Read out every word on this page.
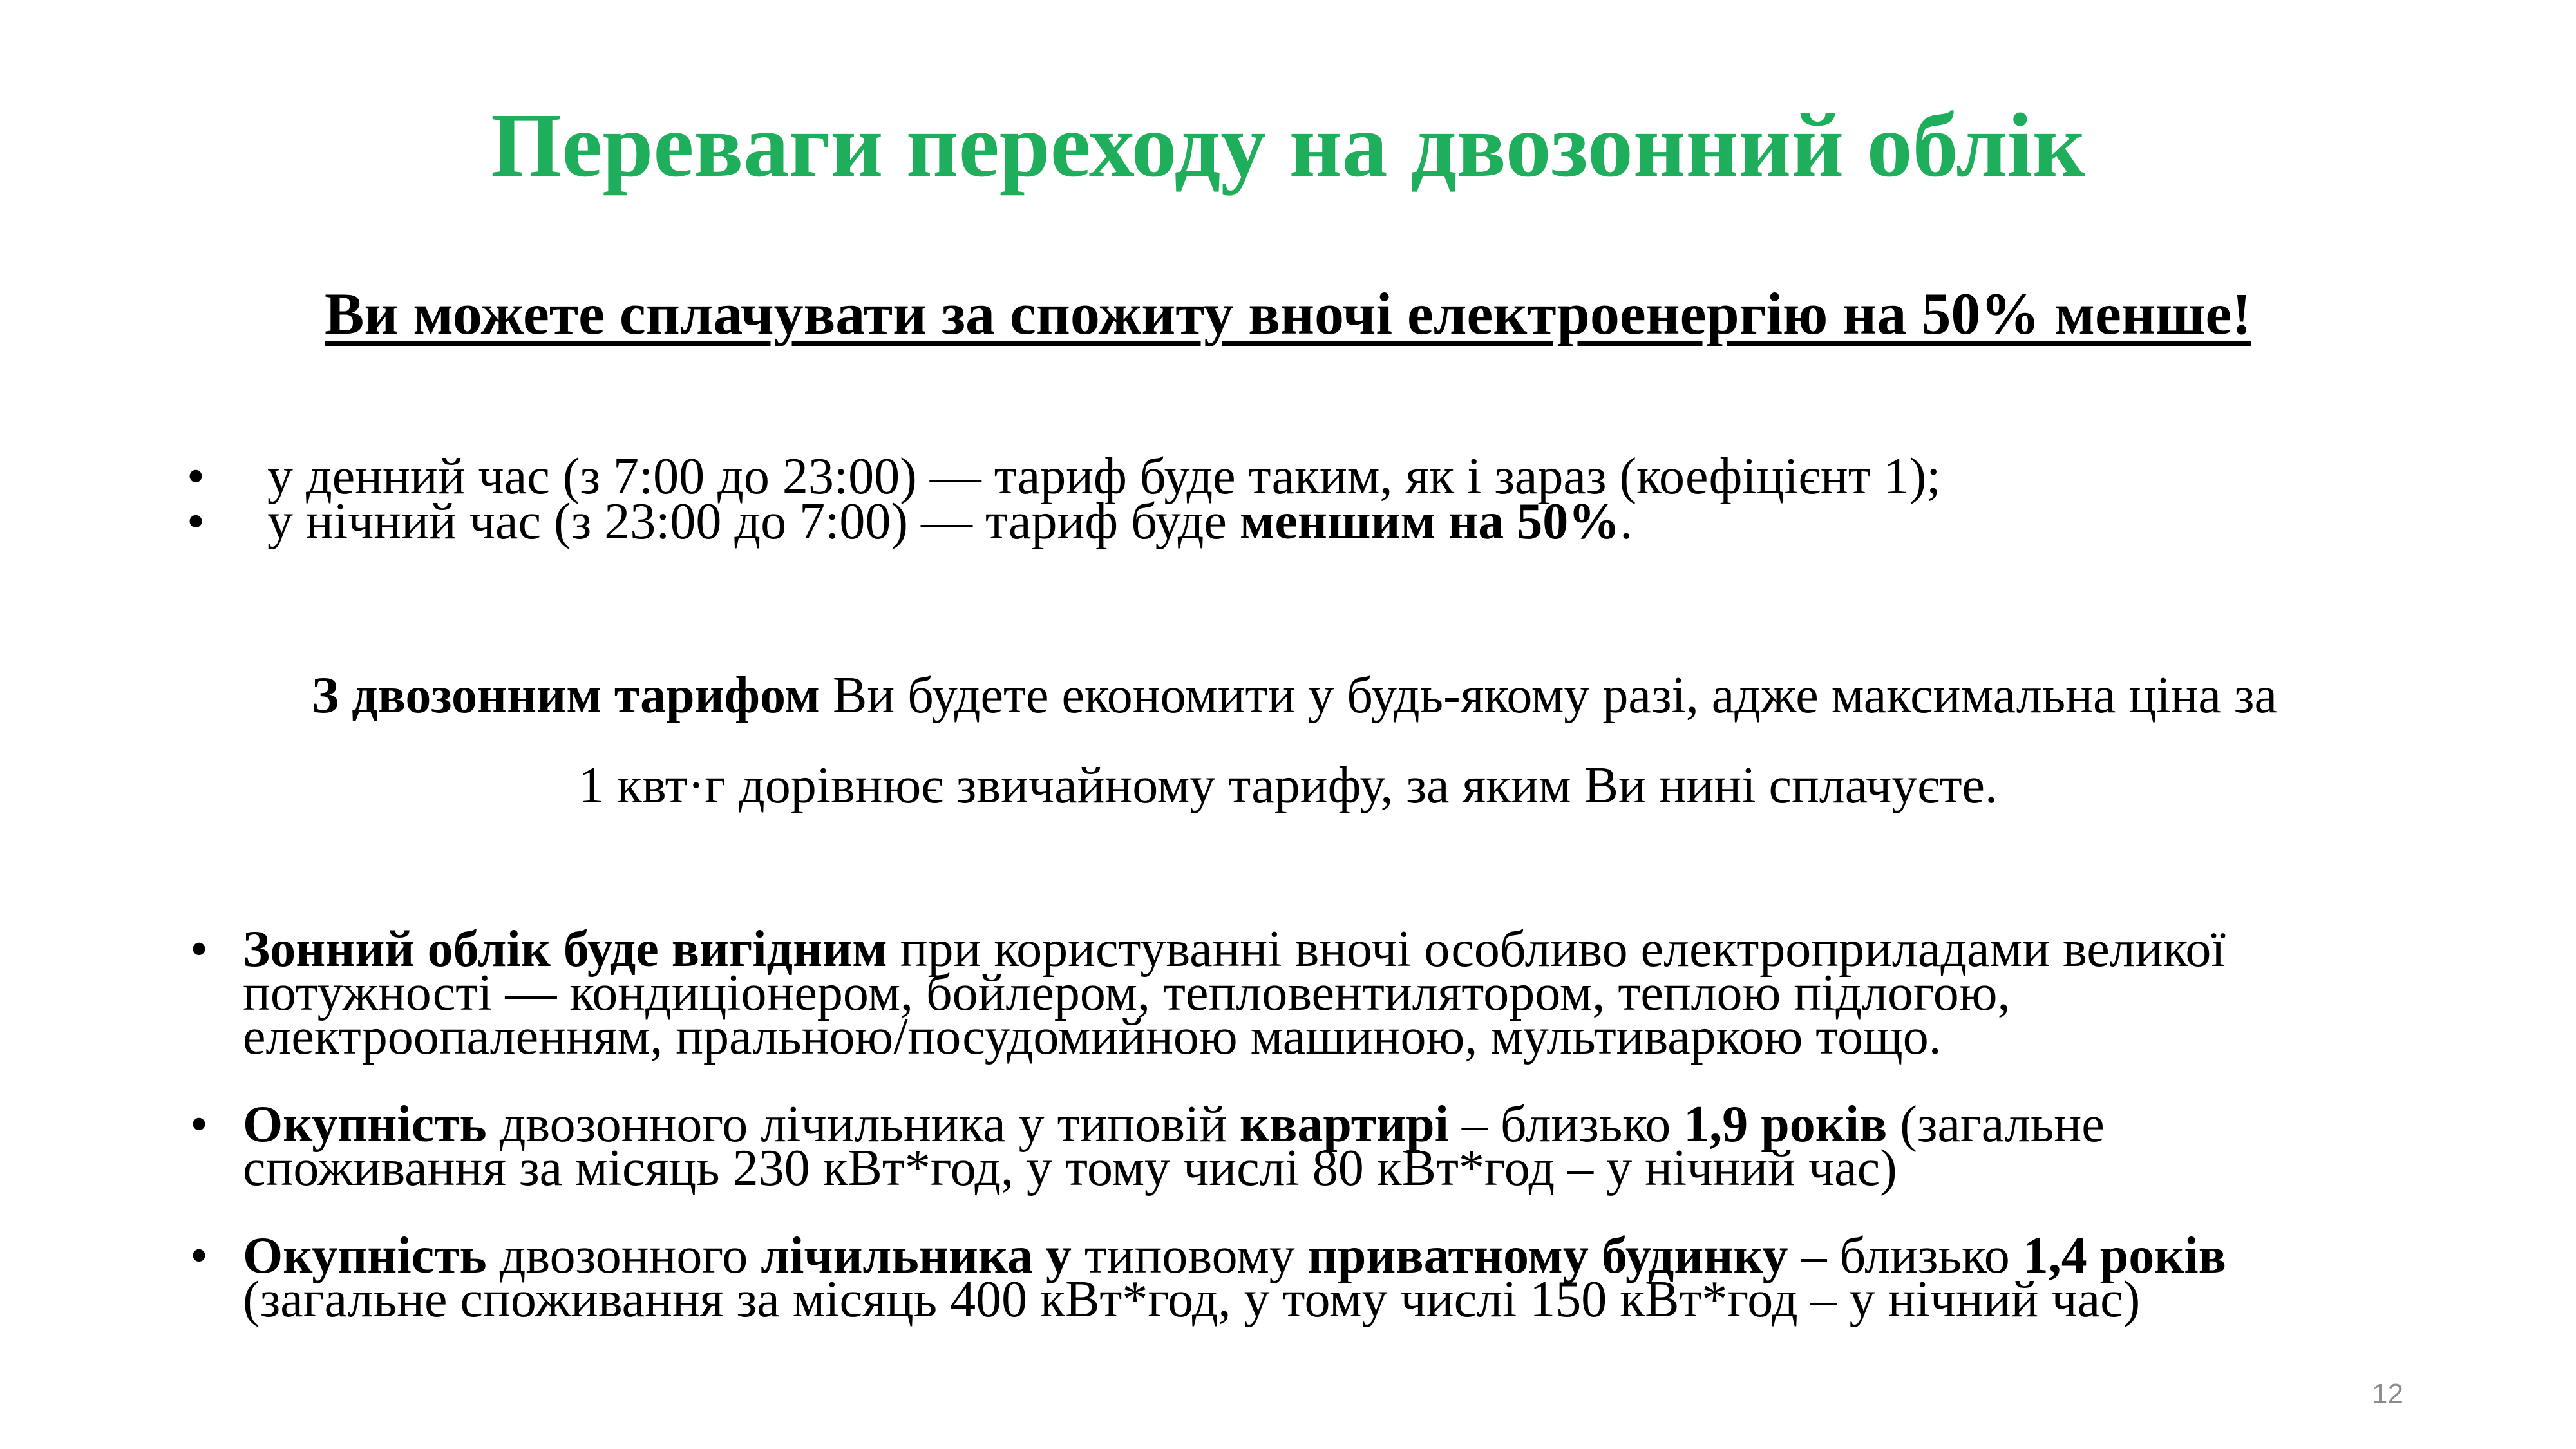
Переваги переходу на двозонний облік
Ви можете сплачувати за спожиту вночі електроенергію на 50% менше!
• у денний час (з 7:00 до 23:00) — тариф буде таким, як і зараз (коефіцієнт 1);
• у нічний час (з 23:00 до 7:00) — тариф буде меншим на 50%.
З двозонним тарифом Ви будете економити у будь-якому разі, адже максимальна ціна за
1 квт·г дорівнює звичайному тарифу, за яким Ви нині сплачуєте.
• Зонний облік буде вигідним при користуванні вночі особливо електроприладами великої
потужності — кондиціонером, бойлером, тепловентилятором, теплою підлогою,
електроопаленням, пральною/посудомийною машиною, мультиваркою тощо.
• Окупність двозонного лічильника у типовій квартирі – близько 1,9 років (загальне
споживання за місяць 230 кВт*год, у тому числі 80 кВт*год – у нічний час)
• Окупність двозонного лічильника у типовому приватному будинку – близько 1,4 років
(загальне споживання за місяць 400 кВт*год, у тому числі 150 кВт*год – у нічний час)
12
